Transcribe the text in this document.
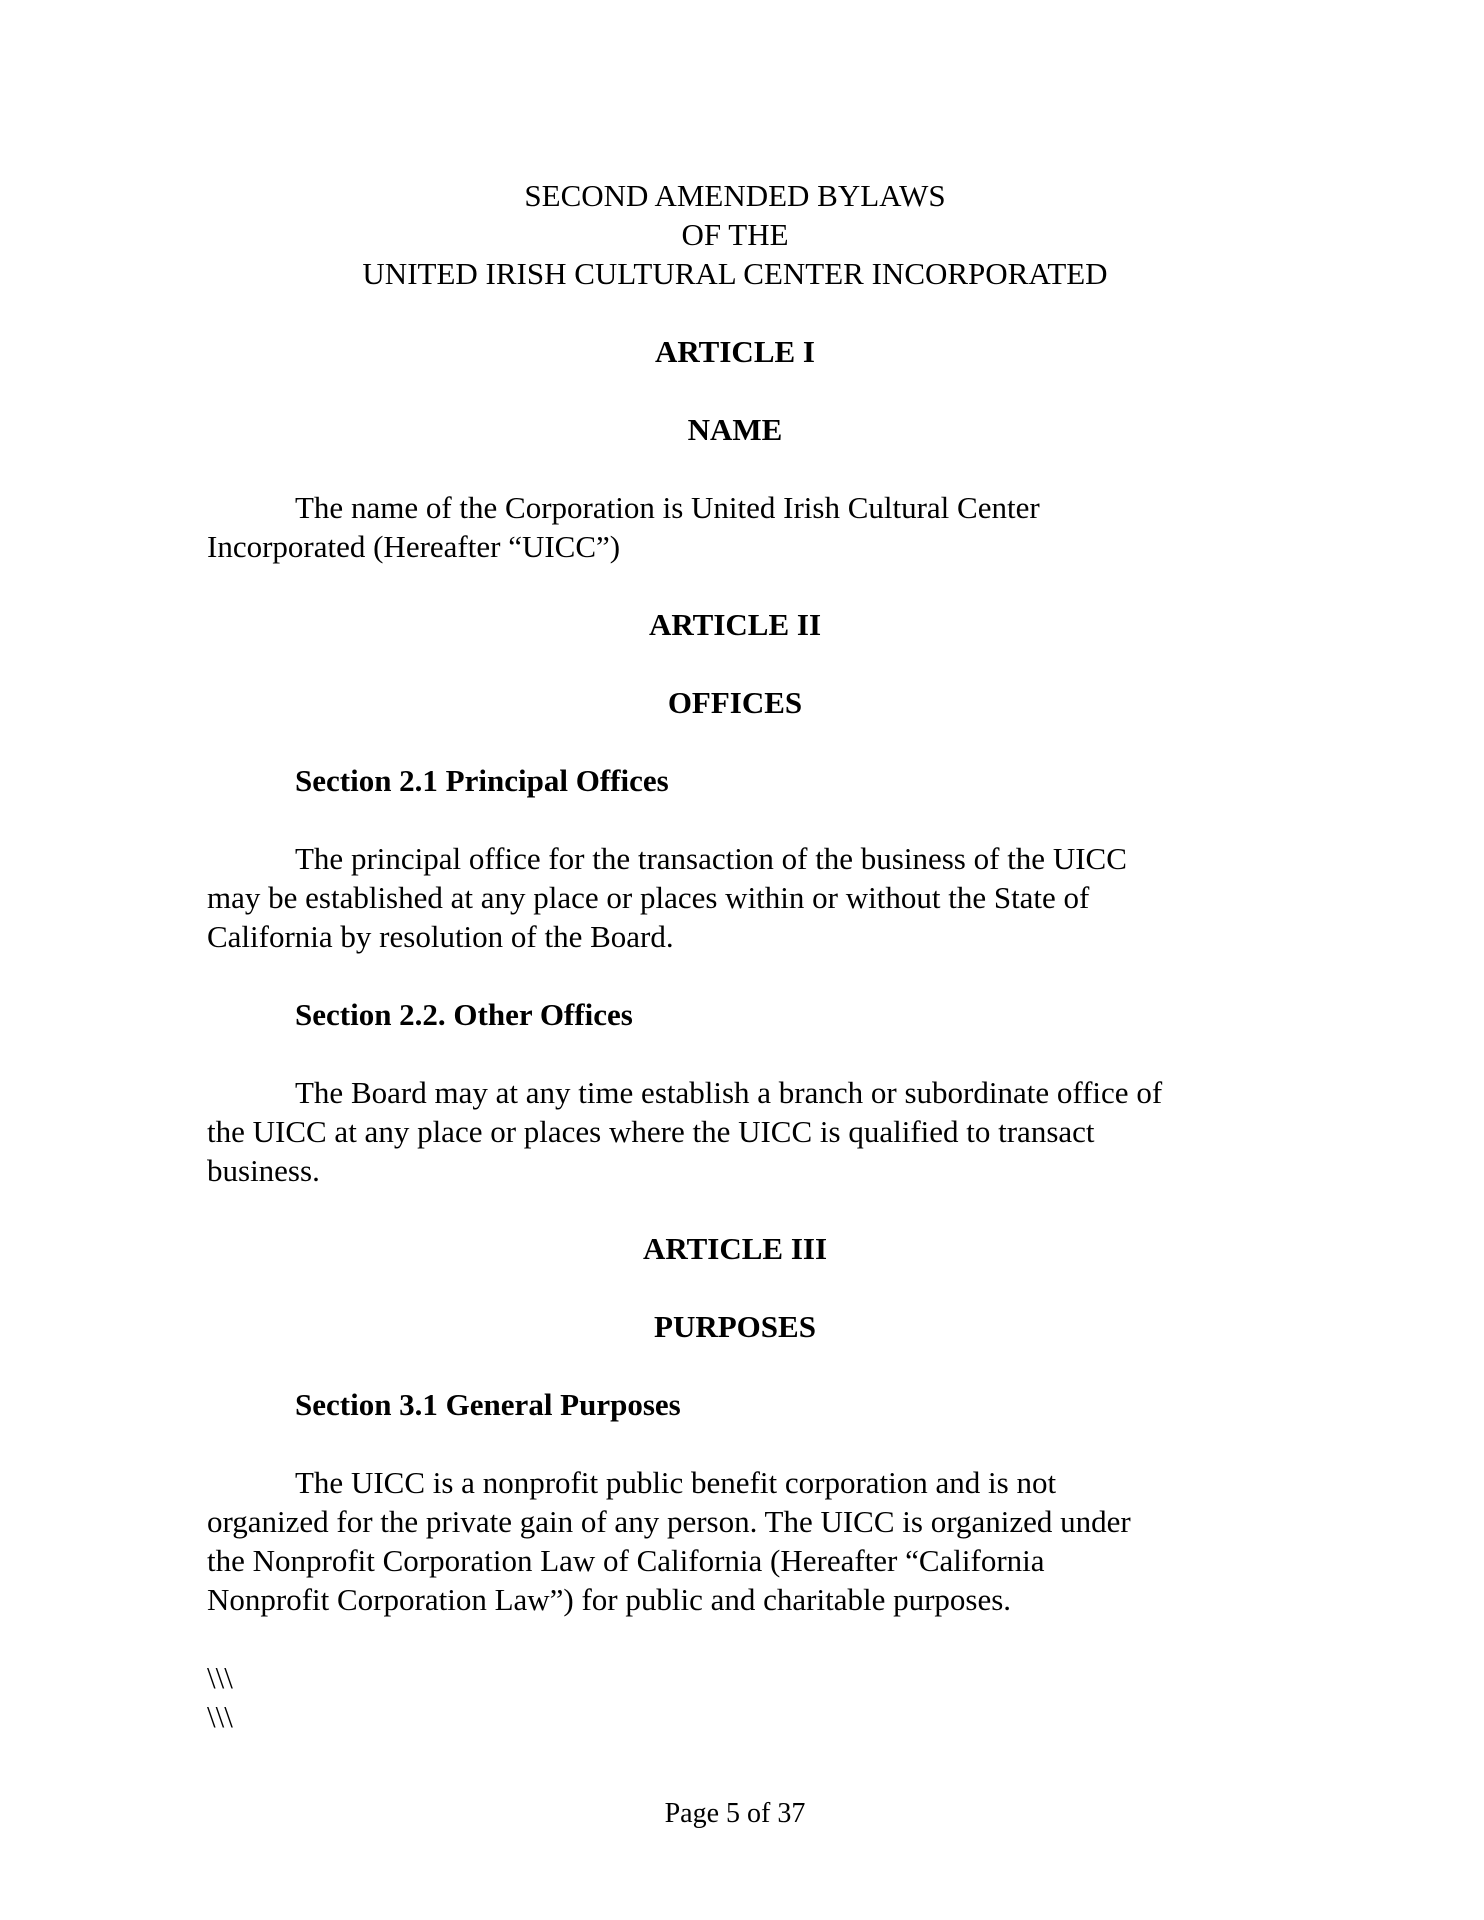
SECOND AMENDED BYLAWS
OF THE
UNITED IRISH CULTURAL CENTER INCORPORATED
ARTICLE I
NAME
The name of the Corporation is United Irish Cultural Center
Incorporated (Hereafter “UICC”)
ARTICLE II
OFFICES
Section 2.1 Principal Offices
The principal office for the transaction of the business of the UICC
may be established at any place or places within or without the State of
California by resolution of the Board.
Section 2.2. Other Offices
The Board may at any time establish a branch or subordinate office of
the UICC at any place or places where the UICC is qualified to transact
business.
ARTICLE III
PURPOSES
Section 3.1 General Purposes
The UICC is a nonprofit public benefit corporation and is not
organized for the private gain of any person. The UICC is organized under
the Nonprofit Corporation Law of California (Hereafter “California
Nonprofit Corporation Law”) for public and charitable purposes.
\\\
\\\
Page 5 of 37
